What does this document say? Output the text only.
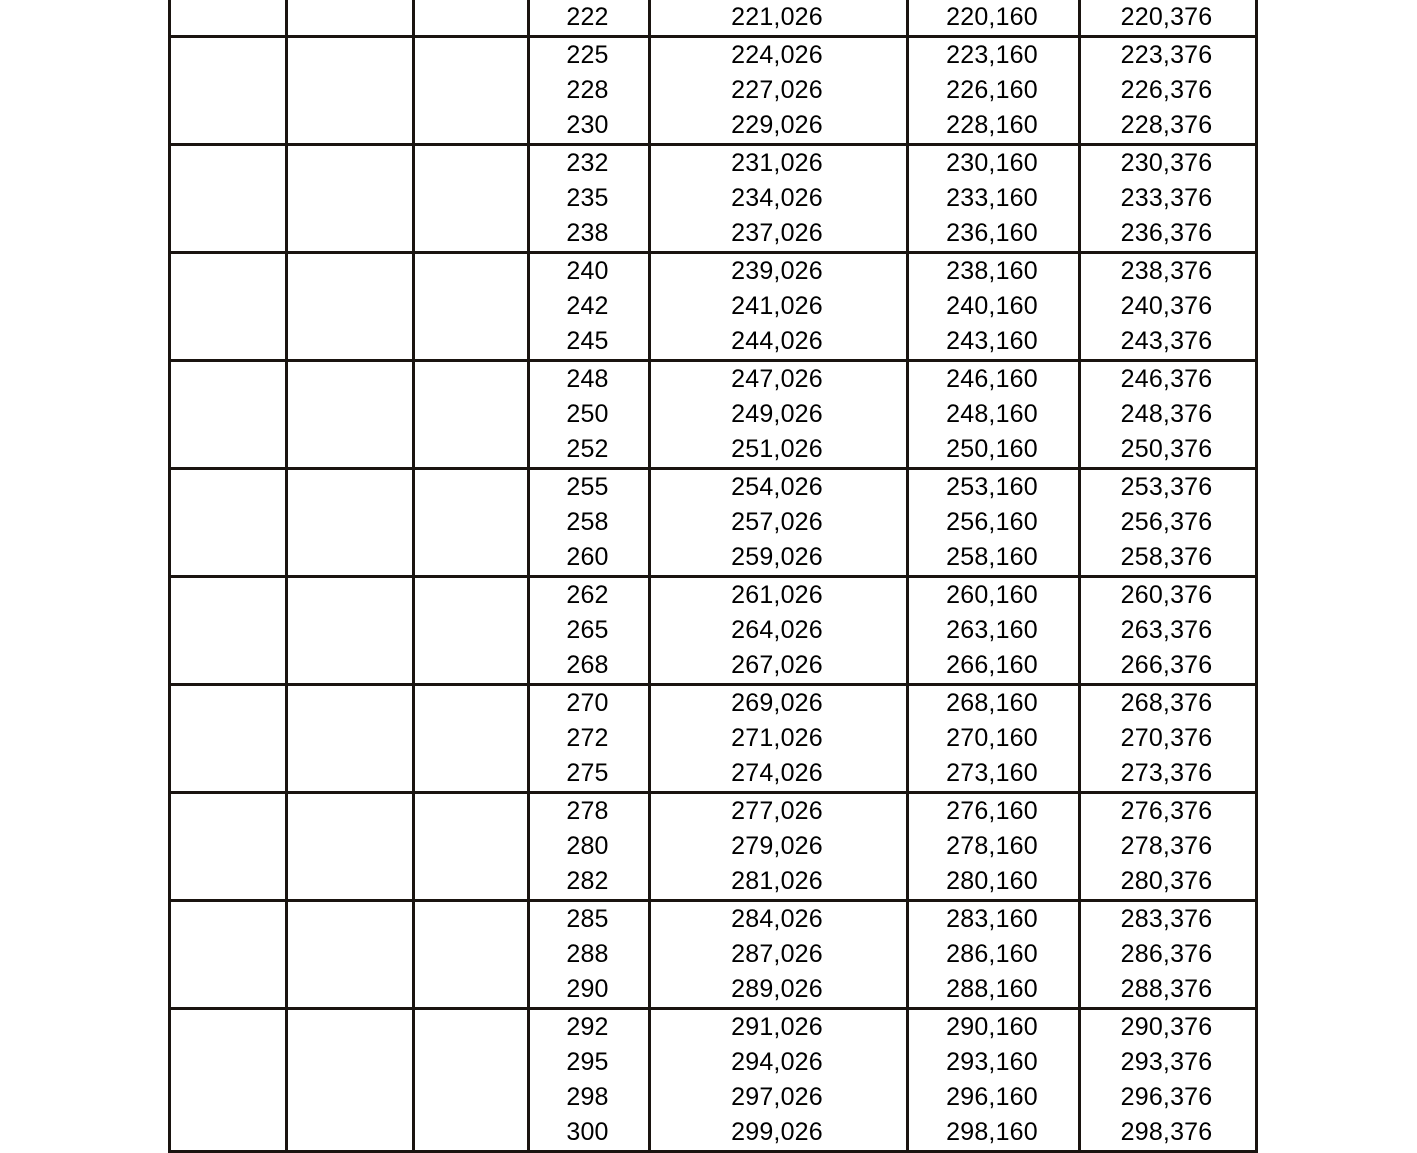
222	221,026	220,160	220,376
225	224,026	223,160	223,376
228	227,026	226,160	226,376
230	229,026	228,160	228,376
232	231,026	230,160	230,376
235	234,026	233,160	233,376
238	237,026	236,160	236,376
240	239,026	238,160	238,376
242	241,026	240,160	240,376
245	244,026	243,160	243,376
248	247,026	246,160	246,376
250	249,026	248,160	248,376
252	251,026	250,160	250,376
255	254,026	253,160	253,376
258	257,026	256,160	256,376
260	259,026	258,160	258,376
262	261,026	260,160	260,376
265	264,026	263,160	263,376
268	267,026	266,160	266,376
270	269,026	268,160	268,376
272	271,026	270,160	270,376
275	274,026	273,160	273,376
278	277,026	276,160	276,376
280	279,026	278,160	278,376
282	281,026	280,160	280,376
285	284,026	283,160	283,376
288	287,026	286,160	286,376
290	289,026	288,160	288,376
292	291,026	290,160	290,376
295	294,026	293,160	293,376
298	297,026	296,160	296,376
300	299,026	298,160	298,376
